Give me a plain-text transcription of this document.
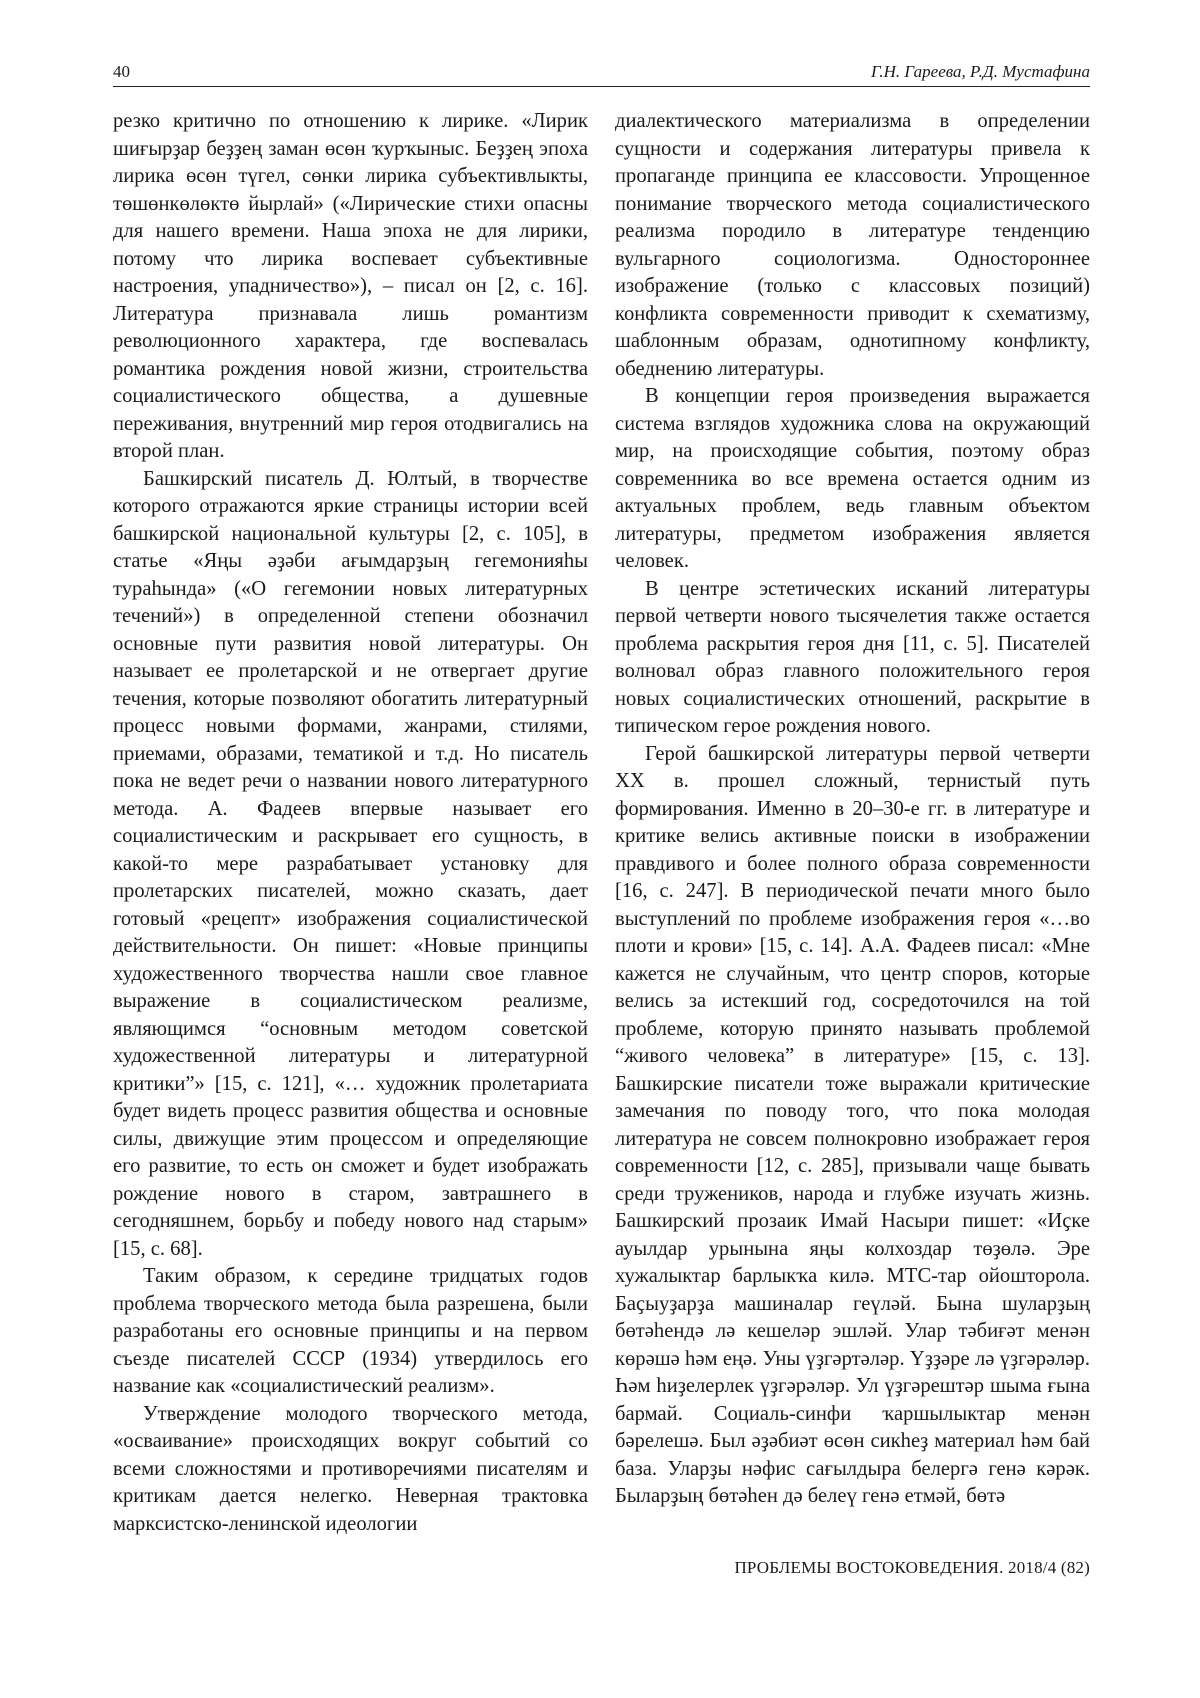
40	Г.Н. Гареева, Р.Д. Мустафина

резко критично по отношению к лирике. «Лирик шиғырҙар беҙҙең заман өсөн ҡурҡыныс. Беҙҙең эпоха лирика өсөн түгел, сөнки лирика субъективлыкты, төшөнкөлөктө йырлай» («Лирические стихи опасны для нашего времени. Наша эпоха не для лирики, потому что лирика воспевает субъективные настроения, упадничество»), – писал он [2, с. 16]. Литература признавала лишь романтизм революционного характера, где воспевалась романтика рождения новой жизни, строительства социалистического общества, а душевные переживания, внутренний мир героя отодвигались на второй план.

Башкирский писатель Д. Юлтый, в творчестве которого отражаются яркие страницы истории всей башкирской национальной культуры [2, с. 105], в статье «Яңы әҙәби ағымдарҙың гегемонияһы тураһында» («О гегемонии новых литературных течений») в определенной степени обозначил основные пути развития новой литературы. Он называет ее пролетарской и не отвергает другие течения, которые позволяют обогатить литературный процесс новыми формами, жанрами, стилями, приемами, образами, тематикой и т.д. Но писатель пока не ведет речи о названии нового литературного метода. А. Фадеев впервые называет его социалистическим и раскрывает его сущность, в какой-то мере разрабатывает установку для пролетарских писателей, можно сказать, дает готовый «рецепт» изображения социалистической действительности. Он пишет: «Новые принципы художественного творчества нашли свое главное выражение в социалистическом реализме, являющимся “основным методом советской художественной литературы и литературной критики”» [15, с. 121], «… художник пролетариата будет видеть процесс развития общества и основные силы, движущие этим процессом и определяющие его развитие, то есть он сможет и будет изображать рождение нового в старом, завтрашнего в сегодняшнем, борьбу и победу нового над старым» [15, с. 68].

Таким образом, к середине тридцатых годов проблема творческого метода была разрешена, были разработаны его основные принципы и на первом съезде писателей СССР (1934) утвердилось его название как «социалистический реализм».

Утверждение молодого творческого метода, «осваивание» происходящих вокруг событий со всеми сложностями и противоречиями писателям и критикам дается нелегко. Неверная трактовка марксистско-ленинской идеологии

диалектического материализма в определении сущности и содержания литературы привела к пропаганде принципа ее классовости. Упрощенное понимание творческого метода социалистического реализма породило в литературе тенденцию вульгарного социологизма. Одностороннее изображение (только с классовых позиций) конфликта современности приводит к схематизму, шаблонным образам, однотипному конфликту, обеднению литературы.

В концепции героя произведения выражается система взглядов художника слова на окружающий мир, на происходящие события, поэтому образ современника во все времена остается одним из актуальных проблем, ведь главным объектом литературы, предметом изображения является человек.

В центре эстетических исканий литературы первой четверти нового тысячелетия также остается проблема раскрытия героя дня [11, с. 5]. Писателей волновал образ главного положительного героя новых социалистических отношений, раскрытие в типическом герое рождения нового.

Герой башкирской литературы первой четверти XX в. прошел сложный, тернистый путь формирования. Именно в 20–30-е гг. в литературе и критике велись активные поиски в изображении правдивого и более полного образа современности [16, с. 247]. В периодической печати много было выступлений по проблеме изображения героя «…во плоти и крови» [15, с. 14]. А.А. Фадеев писал: «Мне кажется не случайным, что центр споров, которые велись за истекший год, сосредоточился на той проблеме, которую принято называть проблемой “живого человека” в литературе» [15, с. 13]. Башкирские писатели тоже выражали критические замечания по поводу того, что пока молодая литература не совсем полнокровно изображает героя современности [12, с. 285], призывали чаще бывать среди тружеников, народа и глубже изучать жизнь. Башкирский прозаик Имай Насыри пишет: «Иҫке ауылдар урынына яңы колхоздар төҙөлә. Эре хужалыктар барлыкҡа килә. МТС-тар ойошторола. Баҫыуҙарҙа машиналар геүләй. Бына шуларҙың бөтәһендә лә кешеләр эшләй. Улар тәбиғәт менән көрәшә һәм еңә. Уны үҙгәртәләр. Үҙҙәре лә үҙгәрәләр. Һәм һиҙелерлек үҙгәрәләр. Ул үҙгәрештәр шыма ғына бармай. Социаль-синфи ҡаршылыктар менән бәрелешә. Был әҙәбиәт өсөн сикһеҙ материал һәм бай база. Уларҙы нәфис сағылдыра белергә генә кәрәк. Быларҙың бөтәһен дә белеү генә етмәй, бөтә

ПРОБЛЕМЫ ВОСТОКОВЕДЕНИЯ. 2018/4 (82)
